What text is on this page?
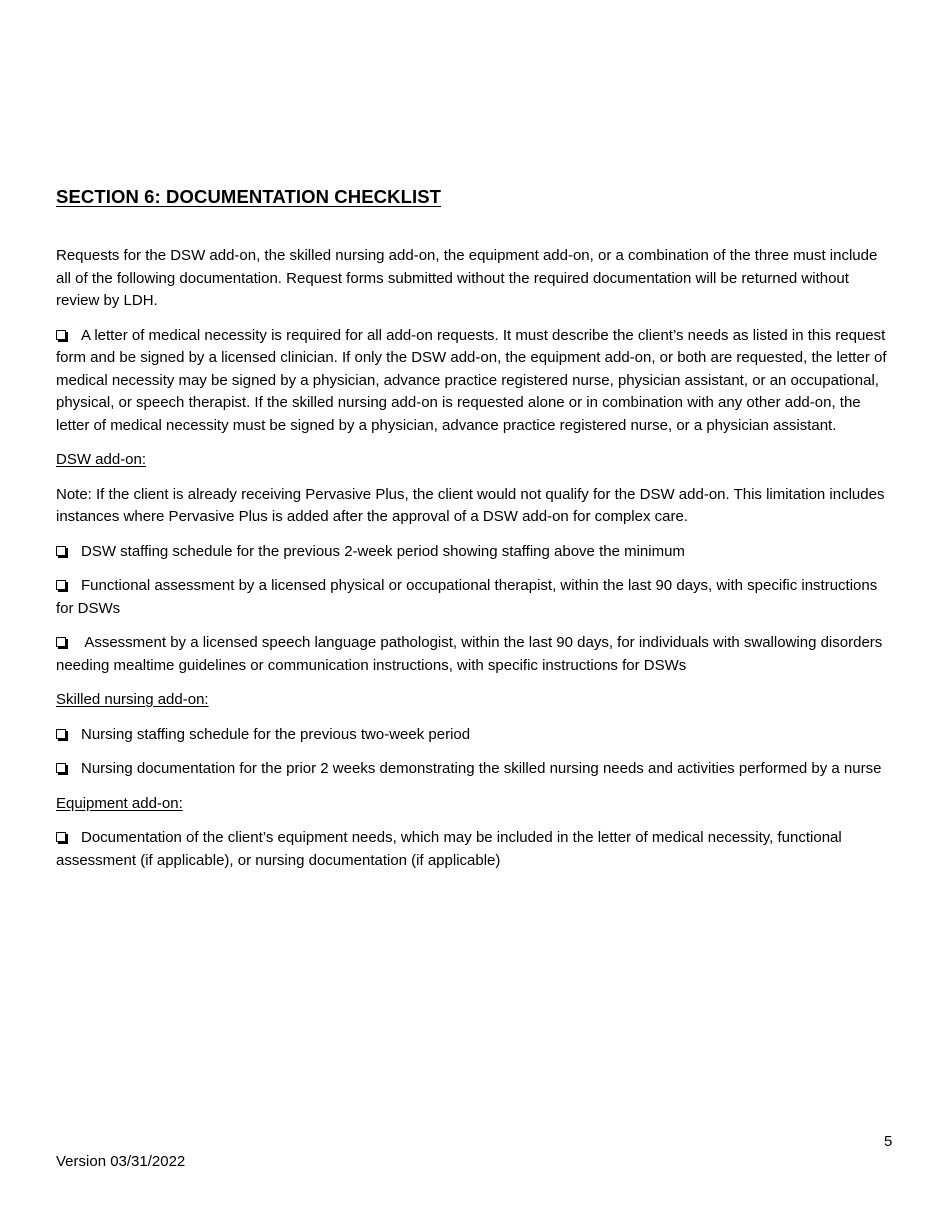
SECTION 6: DOCUMENTATION CHECKLIST

Requests for the DSW add-on, the skilled nursing add-on, the equipment add-on, or a combination of the three must include all of the following documentation. Request forms submitted without the required documentation will be returned without review by LDH.

A letter of medical necessity is required for all add-on requests. It must describe the client’s needs as listed in this request form and be signed by a licensed clinician. If only the DSW add-on, the equipment add-on, or both are requested, the letter of medical necessity may be signed by a physician, advance practice registered nurse, physician assistant, or an occupational, physical, or speech therapist. If the skilled nursing add-on is requested alone or in combination with any other add-on, the letter of medical necessity must be signed by a physician, advance practice registered nurse, or a physician assistant.

DSW add-on:

Note: If the client is already receiving Pervasive Plus, the client would not qualify for the DSW add-on. This limitation includes instances where Pervasive Plus is added after the approval of a DSW add-on for complex care.

DSW staffing schedule for the previous 2-week period showing staffing above the minimum

Functional assessment by a licensed physical or occupational therapist, within the last 90 days, with specific instructions for DSWs

Assessment by a licensed speech language pathologist, within the last 90 days, for individuals with swallowing disorders needing mealtime guidelines or communication instructions, with specific instructions for DSWs

Skilled nursing add-on:

Nursing staffing schedule for the previous two-week period

Nursing documentation for the prior 2 weeks demonstrating the skilled nursing needs and activities performed by a nurse

Equipment add-on:

Documentation of the client’s equipment needs, which may be included in the letter of medical necessity, functional assessment (if applicable), or nursing documentation (if applicable)

5
Version 03/31/2022
